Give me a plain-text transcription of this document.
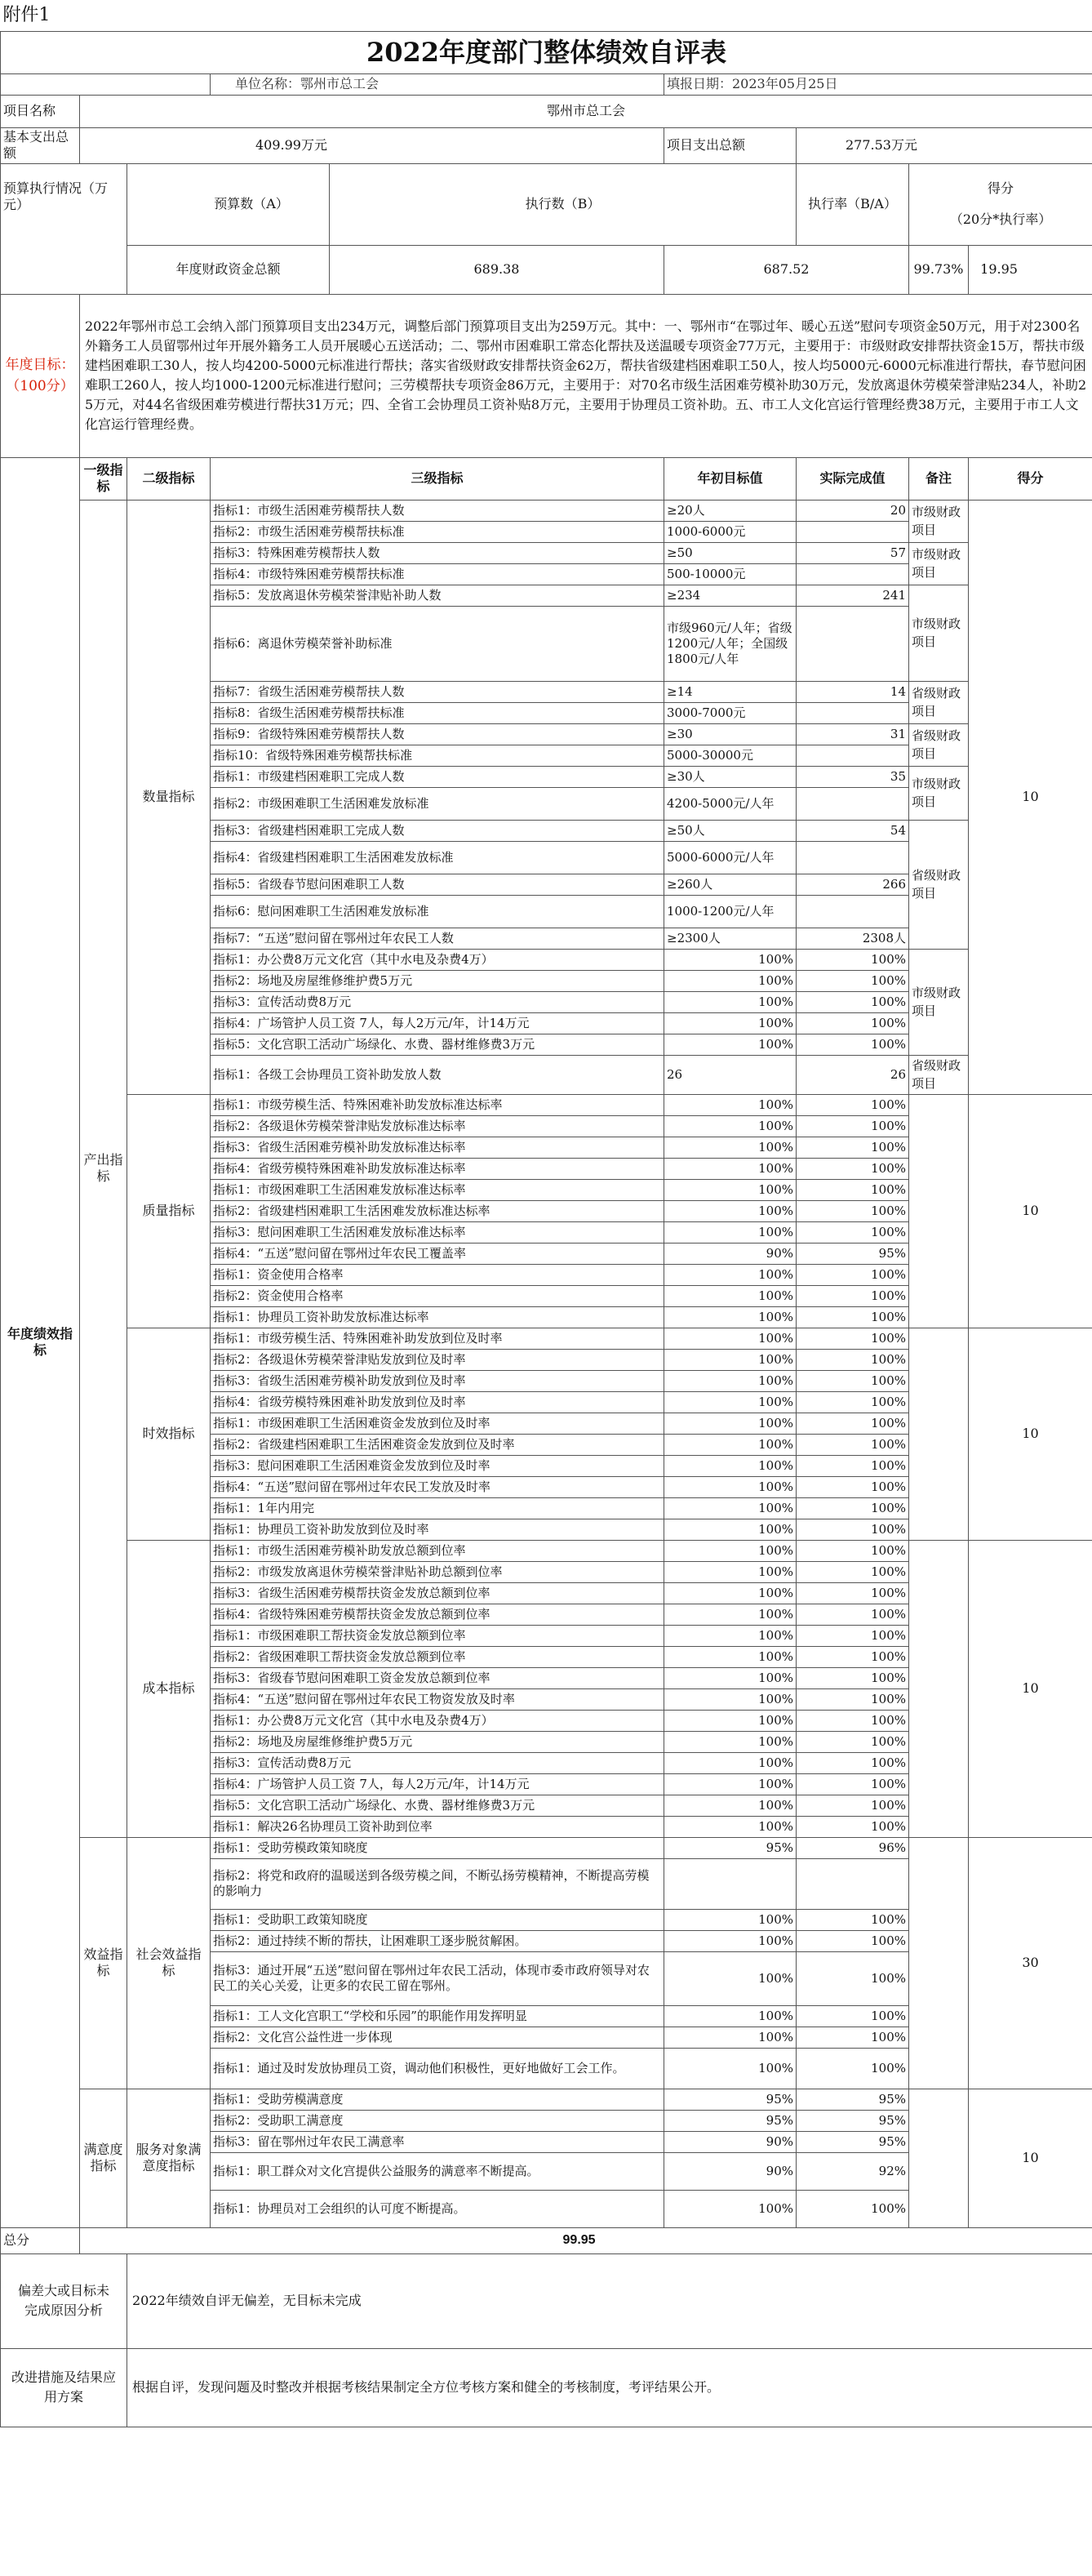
附件1								
2022年度部门整体绩效自评表								
			单位名称：鄂州市总工会		填报日期：2023年05月25日			
项目名称	鄂州市总工会							
基本支出总额	409.99万元				项目支出总额	277.53万元		
预算执行情况（万元）		预算数（A）		执行数（B）		执行率（B/A）	得分
（20分*执行率）	

		年度财政资金总额		689.38	687.52		99.73%	19.95
年度目标：（100分）	2022年鄂州市总工会纳入部门预算项目支出234万元，调整后部门预算项目支出为259万元。其中：一、鄂州市“在鄂过年、暖心五送”慰问专项资金50万元，用于对2300名外籍务工人员留鄂州过年开展外籍务工人员开展暖心五送活动；二、鄂州市困难职工常态化帮扶及送温暖专项资金77万元，主要用于：市级财政安排帮扶资金15万，帮扶市级建档困难职工30人，按人均4200-5000元标准进行帮扶；落实省级财政安排帮扶资金62万，帮扶省级建档困难职工50人，按人均5000元-6000元标准进行帮扶，春节慰问困难职工260人，按人均1000-1200元标准进行慰问；三劳模帮扶专项资金86万元，主要用于：对70名市级生活困难劳模补助30万元，发放离退休劳模荣誉津贴234人，补助25万元，对44名省级困难劳模进行帮扶31万元；四、全省工会协理员工资补贴8万元，主要用于协理员工资补助。五、市工人文化宫运行管理经费38万元，主要用于市工人文化宫运行管理经费。							
年度绩效指标	一级指标	二级指标	三级指标		年初目标值	实际完成值	备注	得分
	产出指标	数量指标	指标1：市级生活困难劳模帮扶人数		≥20人	20	市级财政项目	10
			指标2：市级生活困难劳模帮扶标准		1000-6000元			
			指标3：特殊困难劳模帮扶人数		≥50	57	市级财政项目	
			指标4：市级特殊困难劳模帮扶标准		500-10000元			
			指标5：发放离退休劳模荣誉津贴补助人数		≥234	241	市级财政项目	
			指标6：离退休劳模荣誉补助标准		市级960元/人年；省级1200元/人年；全国级1800元/人年			
			指标7：省级生活困难劳模帮扶人数		≥14	14	省级财政项目	
			指标8：省级生活困难劳模帮扶标准		3000-7000元			
			指标9：省级特殊困难劳模帮扶人数		≥30	31	省级财政项目	
			指标10：省级特殊困难劳模帮扶标准		5000-30000元			
			指标1：市级建档困难职工完成人数		≥30人	35	市级财政项目	
			指标2：市级困难职工生活困难发放标准		4200-5000元/人年			
			指标3：省级建档困难职工完成人数		≥50人	54	省级财政项目	
			指标4：省级建档困难职工生活困难发放标准		5000-6000元/人年			
			指标5：省级春节慰问困难职工人数		≥260人	266		
			指标6：慰问困难职工生活困难发放标准		1000-1200元/人年			
			指标7：“五送”慰问留在鄂州过年农民工人数		≥2300人	2308人		
			指标1：办公费8万元文化宫（其中水电及杂费4万）		100%	100%	市级财政项目	
			指标2：场地及房屋维修维护费5万元		100%	100%		
			指标3：宣传活动费8万元		100%	100%		
			指标4：广场管护人员工资 7人，每人2万元/年，计14万元		100%	100%		
			指标5：文化宫职工活动广场绿化、水费、器材维修费3万元		100%	100%		
			指标1：各级工会协理员工资补助发放人数		26	26	省级财政项目	
		质量指标	指标1：市级劳模生活、特殊困难补助发放标准达标率		100%	100%		10
			指标2：各级退休劳模荣誉津贴发放标准达标率		100%	100%		
			指标3：省级生活困难劳模补助发放标准达标率		100%	100%		
			指标4：省级劳模特殊困难补助发放标准达标率		100%	100%		
			指标1：市级困难职工生活困难发放标准达标率		100%	100%		
			指标2：省级建档困难职工生活困难发放标准达标率		100%	100%		
			指标3：慰问困难职工生活困难发放标准达标率		100%	100%		
			指标4：“五送”慰问留在鄂州过年农民工覆盖率		90%	95%		
			指标1：资金使用合格率		100%	100%		
			指标2：资金使用合格率		100%	100%		
			指标1：协理员工资补助发放标准达标率		100%	100%		
		时效指标	指标1：市级劳模生活、特殊困难补助发放到位及时率		100%	100%		10
			指标2：各级退休劳模荣誉津贴发放到位及时率		100%	100%		
			指标3：省级生活困难劳模补助发放到位及时率		100%	100%		
			指标4：省级劳模特殊困难补助发放到位及时率		100%	100%		
			指标1：市级困难职工生活困难资金发放到位及时率		100%	100%		
			指标2：省级建档困难职工生活困难资金发放到位及时率		100%	100%		
			指标3：慰问困难职工生活困难资金发放到位及时率		100%	100%		
			指标4：“五送”慰问留在鄂州过年农民工发放及时率		100%	100%		
			指标1：1年内用完		100%	100%		
			指标1：协理员工资补助发放到位及时率		100%	100%		
		成本指标	指标1：市级生活困难劳模补助发放总额到位率		100%	100%		10
			指标2：市级发放离退休劳模荣誉津贴补助总额到位率		100%	100%		
			指标3：省级生活困难劳模帮扶资金发放总额到位率		100%	100%		
			指标4：省级特殊困难劳模帮扶资金发放总额到位率		100%	100%		
			指标1：市级困难职工帮扶资金发放总额到位率		100%	100%		
			指标2：省级困难职工帮扶资金发放总额到位率		100%	100%		
			指标3：省级春节慰问困难职工资金发放总额到位率		100%	100%		
			指标4：“五送”慰问留在鄂州过年农民工物资发放及时率		100%	100%		
			指标1：办公费8万元文化宫（其中水电及杂费4万）		100%	100%		
			指标2：场地及房屋维修维护费5万元		100%	100%		
			指标3：宣传活动费8万元		100%	100%		
			指标4：广场管护人员工资 7人，每人2万元/年，计14万元		100%	100%		
			指标5：文化宫职工活动广场绿化、水费、器材维修费3万元		100%	100%		
			指标1：解决26名协理员工资补助到位率		100%	100%		
	效益指标	社会效益指标	指标1：受助劳模政策知晓度		95%	96%		30
			指标2：将党和政府的温暖送到各级劳模之间，不断弘扬劳模精神，不断提高劳模的影响力					
			指标1：受助职工政策知晓度		100%	100%		
			指标2：通过持续不断的帮扶，让困难职工逐步脱贫解困。		100%	100%		
			指标3：通过开展“五送”慰问留在鄂州过年农民工活动，体现市委市政府领导对农民工的关心关爱，让更多的农民工留在鄂州。		100%	100%		
			指标1：工人文化宫职工“学校和乐园”的职能作用发挥明显		100%	100%		
			指标2：文化宫公益性进一步体现		100%	100%		
			指标1：通过及时发放协理员工资，调动他们积极性，更好地做好工会工作。		100%	100%		
	满意度指标	服务对象满意度指标	指标1：受助劳模满意度		95%	95%		10
			指标2：受助职工满意度		95%	95%		
			指标3：留在鄂州过年农民工满意率		90%	95%		
			指标1：职工群众对文化宫提供公益服务的满意率不断提高。		90%	92%		
			指标1：协理员对工会组织的认可度不断提高。		100%	100%		
总分	99.95							
偏差大或目标未完成原因分析		2022年绩效自评无偏差，无目标未完成						
改进措施及结果应用方案		根据自评，发现问题及时整改并根据考核结果制定全方位考核方案和健全的考核制度，考评结果公开。						
